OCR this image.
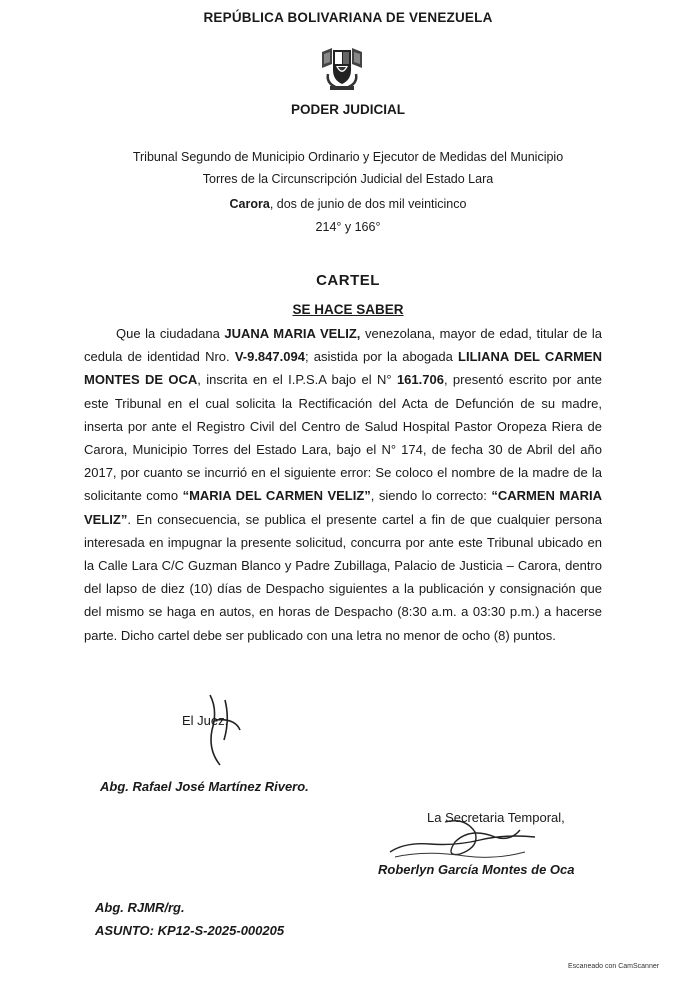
REPÚBLICA BOLIVARIANA DE VENEZUELA
PODER JUDICIAL
Tribunal Segundo de Municipio Ordinario y Ejecutor de Medidas del Municipio
Torres de la Circunscripción Judicial del Estado Lara
Carora, dos de junio de dos mil veinticinco
214° y 166°
CARTEL
SE HACE SABER
Que la ciudadana JUANA MARIA VELIZ, venezolana, mayor de edad, titular de la cedula de identidad Nro. V-9.847.094; asistida por la abogada LILIANA DEL CARMEN MONTES DE OCA, inscrita en el I.P.S.A bajo el N° 161.706, presentó escrito por ante este Tribunal en el cual solicita la Rectificación del Acta de Defunción de su madre, inserta por ante el Registro Civil del Centro de Salud Hospital Pastor Oropeza Riera de Carora, Municipio Torres del Estado Lara, bajo el N° 174, de fecha 30 de Abril del año 2017, por cuanto se incurrió en el siguiente error: Se coloco el nombre de la madre de la solicitante como “MARIA DEL CARMEN VELIZ”, siendo lo correcto: “CARMEN MARIA VELIZ”. En consecuencia, se publica el presente cartel a fin de que cualquier persona interesada en impugnar la presente solicitud, concurra por ante este Tribunal ubicado en la Calle Lara C/C Guzman Blanco y Padre Zubillaga, Palacio de Justicia – Carora, dentro del lapso de diez (10) días de Despacho siguientes a la publicación y consignación que del mismo se haga en autos, en horas de Despacho (8:30 a.m. a 03:30 p.m.) a hacerse parte. Dicho cartel debe ser publicado con una letra no menor de ocho (8) puntos.
El Juez,
Abg. Rafael José Martínez Rivero.
La Secretaria Temporal,
Roberlyn García Montes de Oca
Abg. RJMR/rg.
ASUNTO: KP12-S-2025-000205
Escaneado con CamScanner
